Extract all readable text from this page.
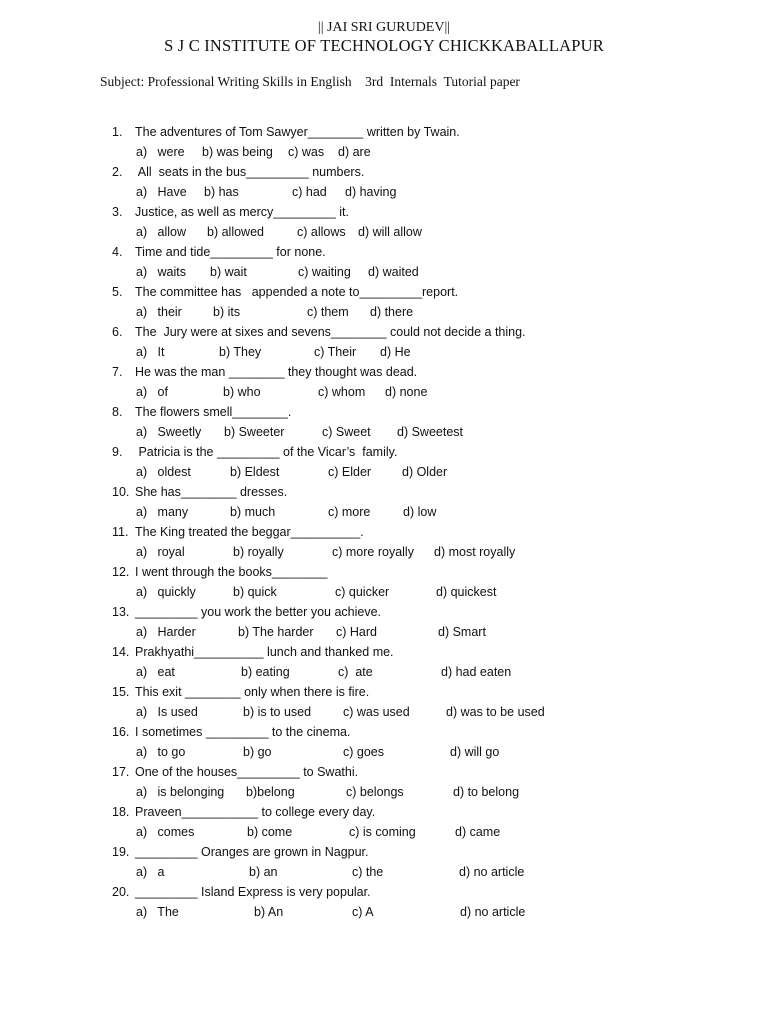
|| JAI SRI GURUDEV||
S J C INSTITUTE OF TECHNOLOGY CHICKKABALLAPUR
Subject: Professional Writing Skills in English    3rd  Internals  Tutorial paper
1. The adventures of Tom Sawyer________ written by Twain.
a)   were b) was being c) was d) are
2. All  seats in the bus_________ numbers.
a)   Have b) has	c) had d) having
3. Justice, as well as mercy_________ it.
a)   allow b) allowed	c) allows d) will allow
4. Time and tide_________ for none.
a)   waits b) wait	c) waiting d) waited
5. The committee has   appended a note to_________report.
a)   their b) its	c) them d) there
6. The  Jury were at sixes and sevens________ could not decide a thing.
a)   It	b) They	c) Their d) He
7. He was the man ________ they thought was dead.
a)   of	b) who	c) whom d) none
8. The flowers smell________.
a)   Sweetly b) Sweeter	c) Sweet d) Sweetest
9. Patricia is the _________ of the Vicar’s  family.
a)   oldest	b) Eldest	c) Elder d) Older
10. She has________ dresses.
a)   many	b) much	c) more	d) low
11. The King treated the beggar__________.
a)   royal	b) royally	c) more royally d) most royally
12. I went through the books________
a)   quickly	b) quick	c) quicker	d) quickest
13. _________ you work the better you achieve.
a)   Harder	b) The harder c) Hard	d) Smart
14. Prakhyathi__________ lunch and thanked me.
a)   eat	b) eating	c)  ate	d) had eaten
15. This exit ________ only when there is fire.
a)   Is used	b) is to used	c) was used	d) was to be used
16. I sometimes _________ to the cinema.
a)   to go	b) go	c) goes	d) will go
17. One of the houses_________ to Swathi.
a)   is belonging b)belong	c) belongs	d) to belong
18. Praveen___________ to college every day.
a)   comes	b) come	c) is coming	d) came
19. _________ Oranges are grown in Nagpur.
a)   a	b) an	c) the	d) no article
20. _________ Island Express is very popular.
a)   The	b) An	c) A	d) no article
